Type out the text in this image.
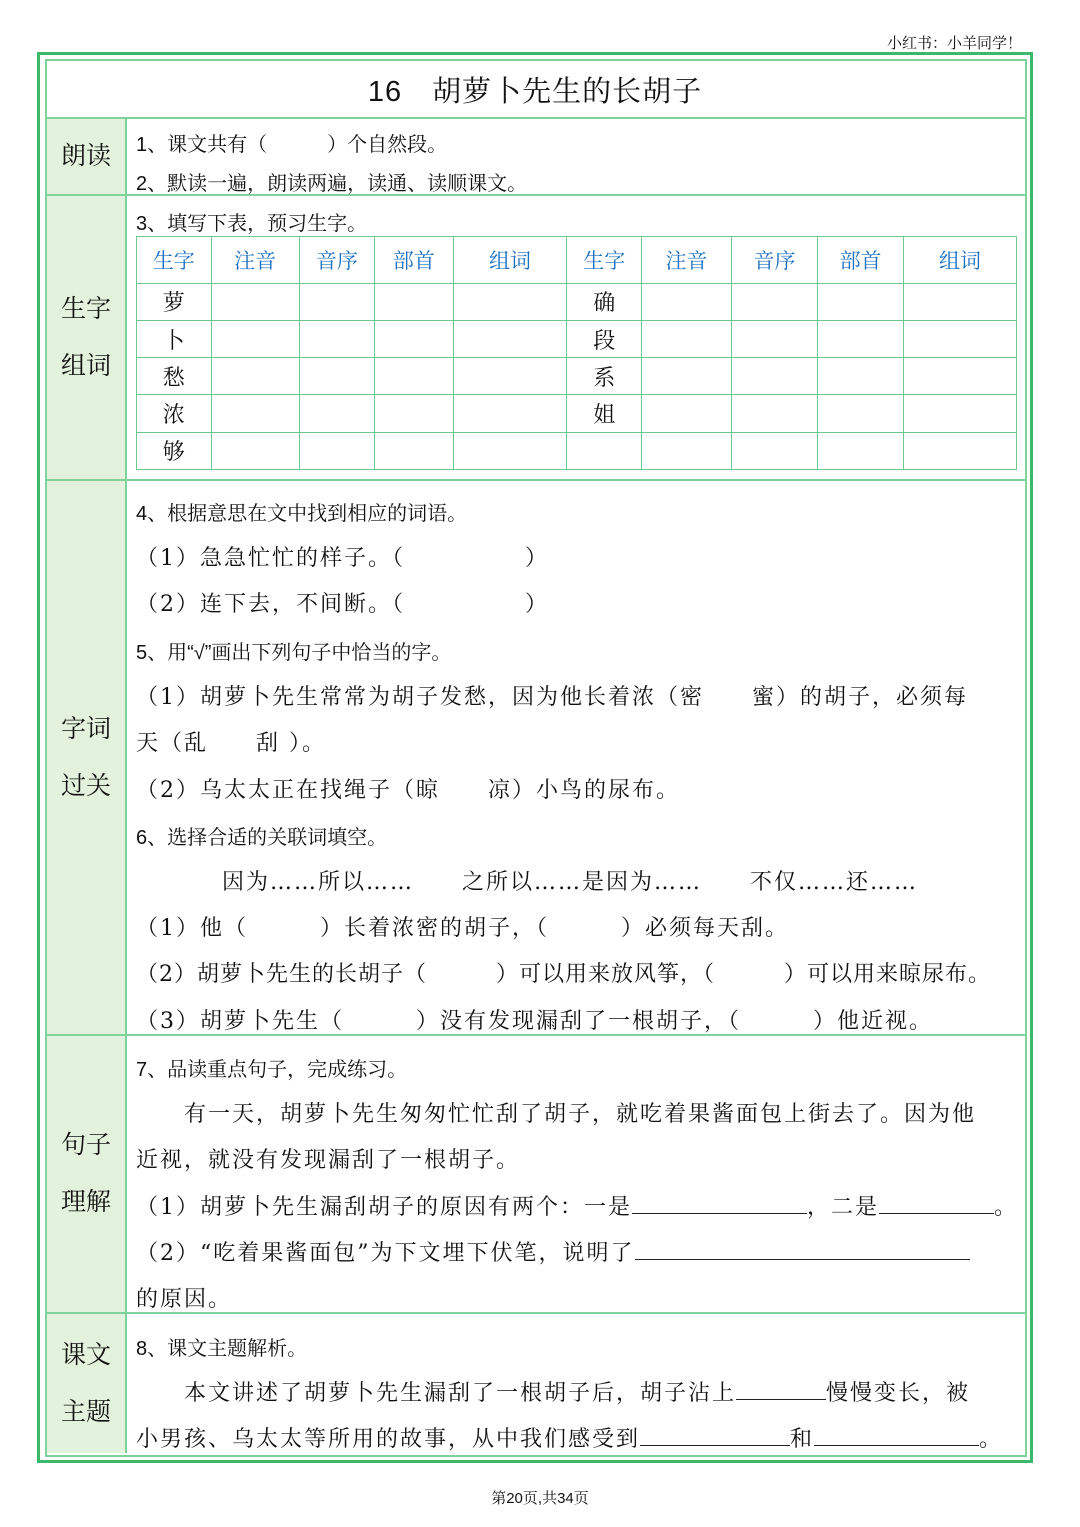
小红书：小羊同学！
16　胡萝卜先生的长胡子
朗读
生字
组词
字词
过关
句子
理解
课文
主题
1、课文共有（　　　）个自然段。
2、默读一遍，朗读两遍，读通、读顺课文。
3、填写下表，预习生字。
生字	注音	音序	部首	组词	生字	注音	音序	部首	组词
萝					确				
卜					段				
愁					系				
浓					姐				
够									
4、根据意思在文中找到相应的词语。
（1）急急忙忙的样子。（　　　　　）
（2）连下去，不间断。（　　　　　）
5、用“√”画出下列句子中恰当的字。
（1）胡萝卜先生常常为胡子发愁，因为他长着浓（密　　蜜）的胡子，必须每
天（乱　　刮 ）。
（2）乌太太正在找绳子（晾　　凉）小鸟的尿布。
6、选择合适的关联词填空。
因为……所以……　　之所以……是因为……　　不仅……还……
（1）他（　　　）长着浓密的胡子，（　　　）必须每天刮。
（2）胡萝卜先生的长胡子（　　　）可以用来放风筝，（　　　）可以用来晾尿布。
（3）胡萝卜先生（　　　）没有发现漏刮了一根胡子，（　　　）他近视。
7、品读重点句子，完成练习。
　　有一天，胡萝卜先生匆匆忙忙刮了胡子，就吃着果酱面包上街去了。因为他
近视，就没有发现漏刮了一根胡子。
（1）胡萝卜先生漏刮胡子的原因有两个：一是	，二是	。
（2）“吃着果酱面包”为下文埋下伏笔，说明了
的原因。
8、课文主题解析。
　　本文讲述了胡萝卜先生漏刮了一根胡子后，胡子沾上	慢慢变长，被
小男孩、乌太太等所用的故事，从中我们感受到	和	。
第20页,共34页
